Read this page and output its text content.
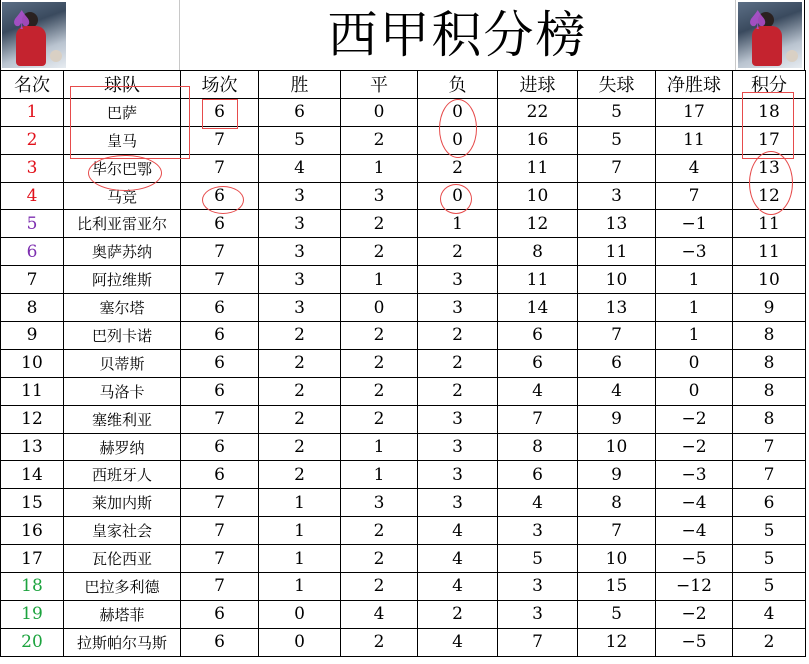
♠	西甲积分榜	♠
名次	球队	场次	胜	平	负	进球	失球	净胜球	积分
1	巴萨	6	6	0	0	22	5	17	18
2	皇马	7	5	2	0	16	5	11	17
3	毕尔巴鄂	7	4	1	2	11	7	4	13
4	马竞	6	3	3	0	10	3	7	12
5	比利亚雷亚尔	6	3	2	1	12	13	−1	11
6	奥萨苏纳	7	3	2	2	8	11	−3	11
7	阿拉维斯	7	3	1	3	11	10	1	10
8	塞尔塔	6	3	0	3	14	13	1	9
9	巴列卡诺	6	2	2	2	6	7	1	8
10	贝蒂斯	6	2	2	2	6	6	0	8
11	马洛卡	6	2	2	2	4	4	0	8
12	塞维利亚	7	2	2	3	7	9	−2	8
13	赫罗纳	6	2	1	3	8	10	−2	7
14	西班牙人	6	2	1	3	6	9	−3	7
15	莱加内斯	7	1	3	3	4	8	−4	6
16	皇家社会	7	1	2	4	3	7	−4	5
17	瓦伦西亚	7	1	2	4	5	10	−5	5
18	巴拉多利德	7	1	2	4	3	15	−12	5
19	赫塔菲	6	0	4	2	3	5	−2	4
20	拉斯帕尔马斯	6	0	2	4	7	12	−5	2
